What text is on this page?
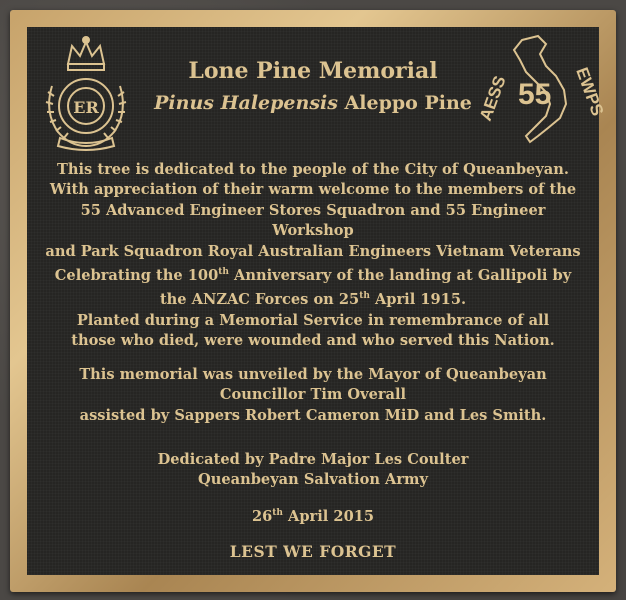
ER	55
AESS	EWPS
Lone Pine Memorial
Pinus Halepensis Aleppo Pine

This tree is dedicated to the people of the City of Queanbeyan.

With appreciation of their warm welcome to the members of the

55 Advanced Engineer Stores Squadron and 55 Engineer Workshop

and Park Squadron Royal Australian Engineers Vietnam Veterans

Celebrating the 100th Anniversary of the landing at Gallipoli by

the ANZAC Forces on 25th April 1915.

Planted during a Memorial Service in remembrance of all

those who died, were wounded and who served this Nation.

This memorial was unveiled by the Mayor of Queanbeyan
Councillor Tim Overall
assisted by Sappers Robert Cameron MiD and Les Smith.
Dedicated by Padre Major Les Coulter
Queanbeyan Salvation Army
26th April 2015
LEST WE FORGET
